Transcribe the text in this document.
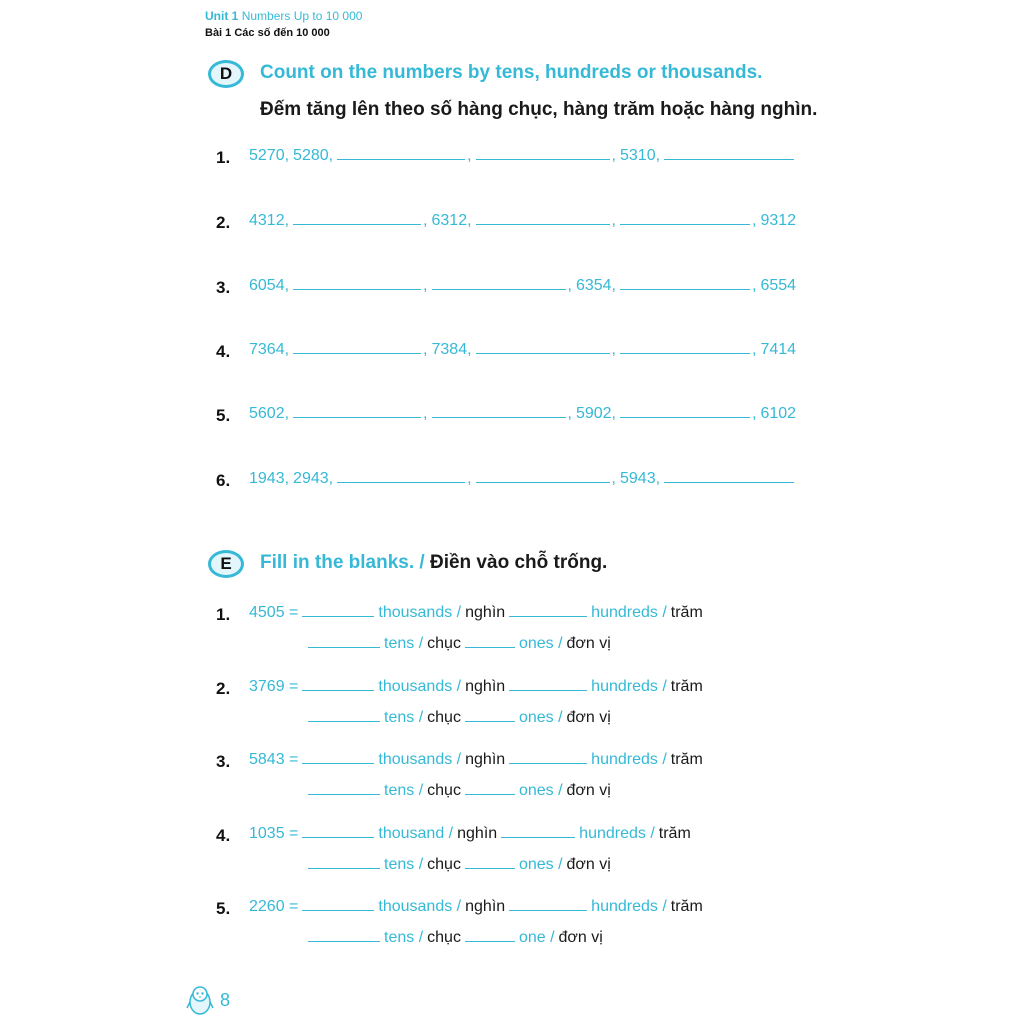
Unit 1 Numbers Up to 10 000
Bài 1 Các số đến 10 000
D Count on the numbers by tens, hundreds or thousands.
Đếm tăng lên theo số hàng chục, hàng trăm hoặc hàng nghìn.
1. 5270, 5280,	,	, 5310,
2. 4312,	, 6312,	,	, 9312
3. 6054,	,	, 6354,	, 6554
4. 7364,	, 7384,	,	, 7414
5. 5602,	,	, 5902,	, 6102
6. 1943, 2943,	,	, 5943,
E Fill in the blanks. / Điền vào chỗ trống.
1. 4505 =	thousands / nghìn	hundreds / trăm
tens / chục	ones / đơn vị
2. 3769 =	thousands / nghìn	hundreds / trăm
tens / chục	ones / đơn vị
3. 5843 =	thousands / nghìn	hundreds / trăm
tens / chục	ones / đơn vị
4. 1035 =	thousand / nghìn	hundreds / trăm
tens / chục	ones / đơn vị
5. 2260 =	thousands / nghìn	hundreds / trăm
tens / chục	one / đơn vị
8
